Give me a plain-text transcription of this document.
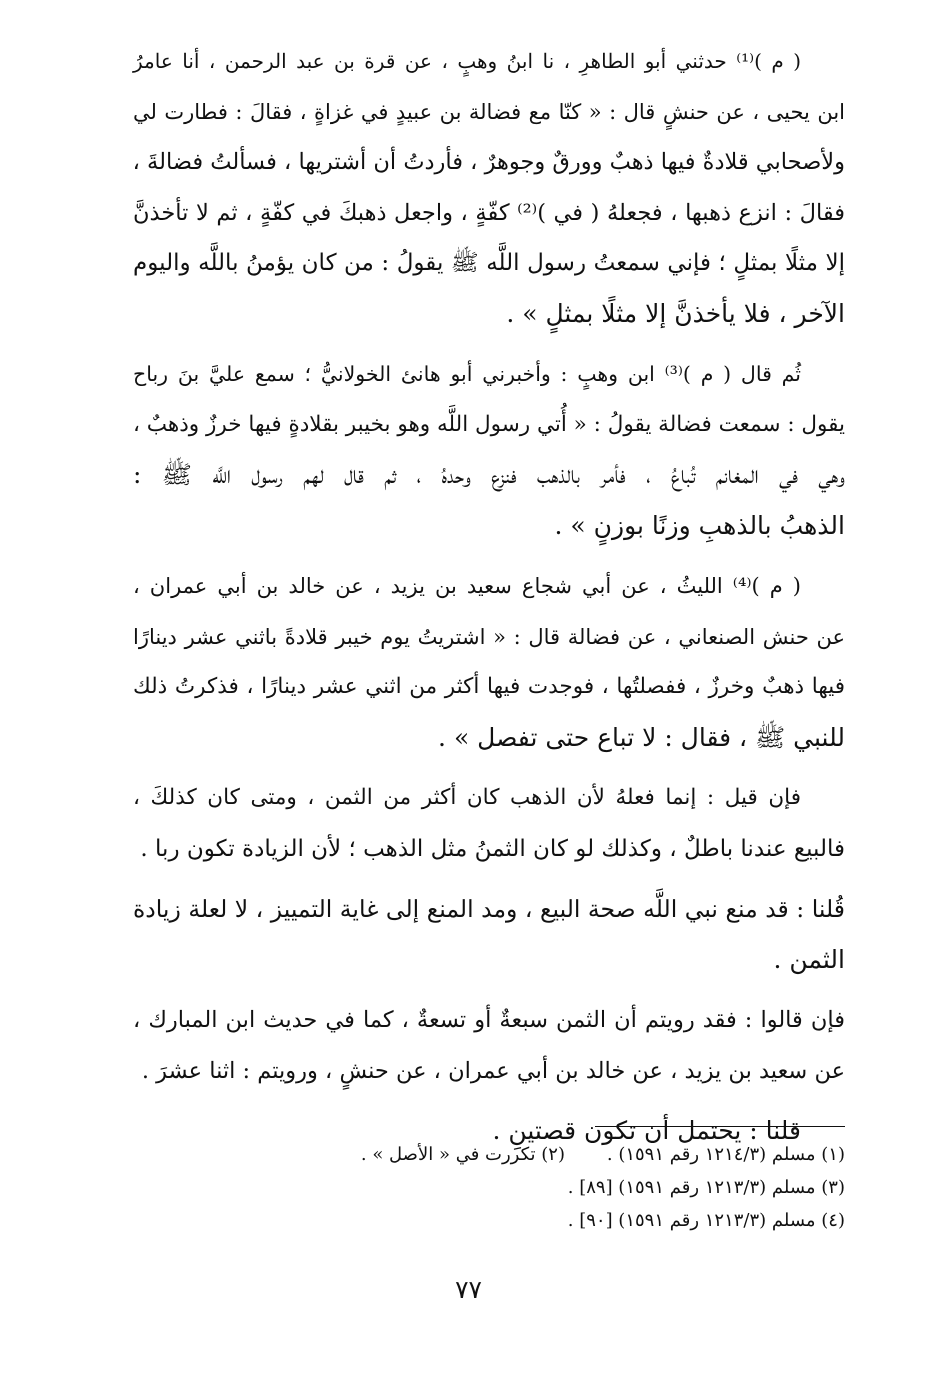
( م )⁽¹⁾ حدثني أبو الطاهرِ ، نا ابنُ وهبٍ ، عن قرة بن عبد الرحمن ، أنا عامرُ
ابن يحيى ، عن حنشٍ قال : « كنّا مع فضالة بن عبيدٍ في غزاةٍ ، فقالَ : فطارت لي
ولأصحابي قلادةٌ فيها ذهبٌ وورقٌ وجوهرٌ ، فأردتُ أن أشتريها ، فسألتُ فضالةَ ،
فقالَ : انزع ذهبها ، فجعلهُ ( في )⁽²⁾ كفّةٍ ، واجعل ذهبكَ في كفّةٍ ، ثم لا تأخذنَّ
إلا مثلًا بمثلٍ ؛ فإني سمعتُ رسول اللَّه ﷺ يقولُ : من كان يؤمنُ باللَّه واليوم
الآخر ، فلا يأخذنَّ إلا مثلًا بمثلٍ » .
ثُم قال ( م )⁽³⁾ ابن وهبٍ : وأخبرني أبو هانئ الخولانيُّ ؛ سمع عليَّ بنَ رباح
يقول : سمعت فضالة يقولُ : « أُتي رسول اللَّه وهو بخيبر بقلادةٍ فيها خرزٌ وذهبٌ ،
وهي في المغانم تُباعُ ، فأمر بالذهب فنزع وحدهُ ، ثم قال لهم رسول اللَّه ﷺ :
الذهبُ بالذهبِ وزنًا بوزنٍ » .
( م )⁽⁴⁾ الليثُ ، عن أبي شجاع سعيد بن يزيد ، عن خالد بن أبي عمران ،
عن حنش الصنعاني ، عن فضالة قال : « اشتريتُ يوم خيبر قلادةً باثني عشر دينارًا
فيها ذهبٌ وخرزٌ ، ففصلتُها ، فوجدت فيها أكثر من اثني عشر دينارًا ، فذكرتُ ذلك
للنبي ﷺ ، فقال : لا تباع حتى تفصل » .
فإن قيل : إنما فعلهُ لأن الذهب كان أكثر من الثمن ، ومتى كان كذلكَ ،
فالبيع عندنا باطلٌ ، وكذلك لو كان الثمنُ مثل الذهب ؛ لأن الزيادة تكون ربا .
قُلنا : قد منع نبي اللَّه صحة البيع ، ومد المنع إلى غاية التمييز ، لا لعلة زيادة
الثمن .
فإن قالوا : فقد رويتم أن الثمن سبعةٌ أو تسعةٌ ، كما في حديث ابن المبارك ،
عن سعيد بن يزيد ، عن خالد بن أبي عمران ، عن حنشٍ ، ورويتم : اثنا عشرَ .
قلنا : يحتمل أن تكون قصتينِ .
(١) مسلم (١٢١٤/٣ رقم ١٥٩١) .
(٢) تكررت في « الأصل » .
(٣) مسلم (١٢١٣/٣ رقم ١٥٩١) [٨٩] .
(٤) مسلم (١٢١٣/٣ رقم ١٥٩١) [٩٠] .
٧٧
